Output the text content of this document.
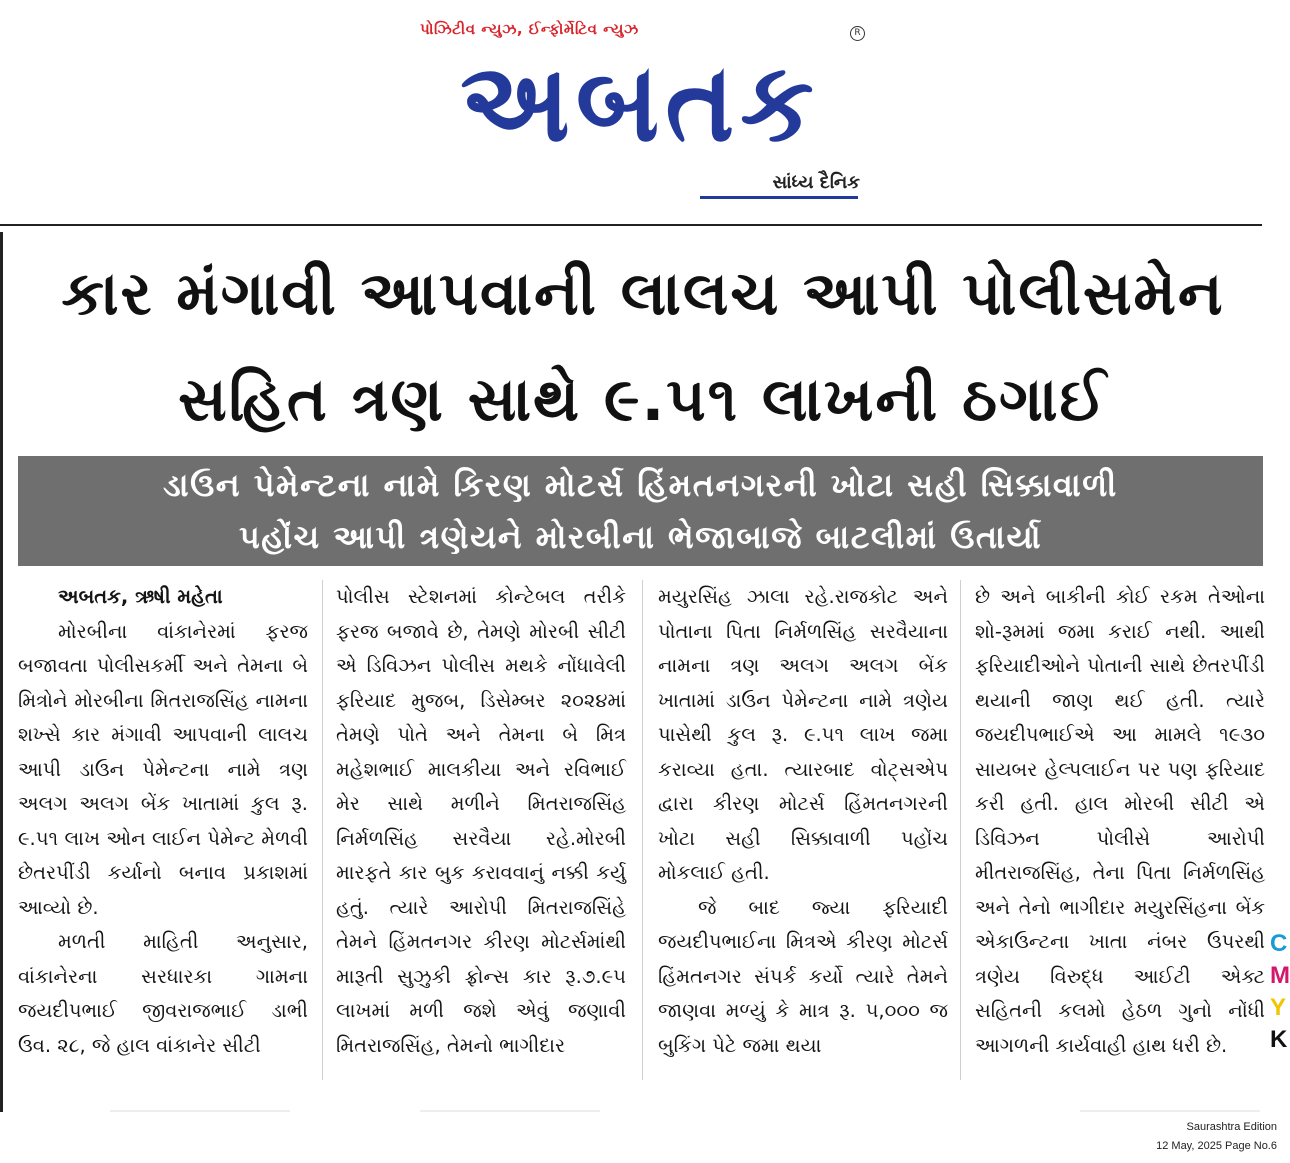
પોઝિટીવ ન્યુઝ, ઈન્ફોર્મેટિવ ન્યુઝ	R
અબતક
સાંધ્ય દૈનિક
કાર મંગાવી આપવાની લાલચ આપી પોલીસમેન
સહિત ત્રણ સાથે ૯.૫૧ લાખની ઠગાઈ
ડાઉન પેમેન્ટના નામે કિરણ મોટર્સ હિંમતનગરની ખોટા સહી સિક્કાવાળી
પહોંચ આપી ત્રણેયને મોરબીના ભેજાબાજે બાટલીમાં ઉતાર્યા

અબતક, ઋષી મહેતા

મોરબીના વાંકાનેરમાં ફરજ બજાવતા પોલીસકર્મી અને તેમના બે મિત્રોને મોરબીના મિતરાજસિંહ નામના શખ્સે કાર મંગાવી આપવાની લાલચ આપી ડાઉન પેમેન્ટના નામે ત્રણ અલગ અલગ બેંક ખાતામાં કુલ રૂ. ૯.૫૧ લાખ ઓન લાઈન પેમેન્ટ મેળવી છેતરપીંડી કર્યાનો બનાવ પ્રકાશમાં આવ્યો છે.

મળતી માહિતી અનુસાર, વાંકાનેરના સરધારકા ગામના જયદીપભાઈ જીવરાજભાઈ ડાભી ઉવ. ૨૮, જે હાલ વાંકાનેર સીટી

પોલીસ સ્ટેશનમાં કોન્ટેબલ તરીકે ફરજ બજાવે છે, તેમણે મોરબી સીટી એ ડિવિઝન પોલીસ મથકે નોંધાવેલી ફરિયાદ મુજબ, ડિસેમ્બર ૨૦૨૪માં તેમણે પોતે અને તેમના બે મિત્ર મહેશભાઈ માલકીયા અને રવિભાઈ મેર સાથે મળીને મિતરાજસિંહ નિર્મળસિંહ સરવૈયા રહે.મોરબી મારફતે કાર બુક કરાવવાનું નક્કી કર્યુ હતું. ત્યારે આરોપી મિતરાજસિંહે તેમને હિંમતનગર કીરણ મોટર્સમાંથી મારૂતી સુઝુકી ફ્રોન્સ કાર રૂ.૭.૯૫ લાખમાં મળી જશે એવું જણાવી મિતરાજસિંહ, તેમનો ભાગીદાર

મયુરસિંહ ઝાલા રહે.રાજકોટ અને પોતાના પિતા નિર્મળસિંહ સરવૈયાના નામના ત્રણ અલગ અલગ બેંક ખાતામાં ડાઉન પેમેન્ટના નામે ત્રણેય પાસેથી કુલ રૂ. ૯.૫૧ લાખ જમા કરાવ્યા હતા. ત્યારબાદ વોટ્સએપ દ્વારા કીરણ મોટર્સ હિંમતનગરની ખોટા સહી સિક્કાવાળી પહોંચ મોકલાઈ હતી.

જે બાદ જ્યા ફરિયાદી જયદીપભાઈના મિત્રએ કીરણ મોટર્સ હિંમતનગર સંપર્ક કર્યો ત્યારે તેમને જાણવા મળ્યું કે માત્ર રૂ. ૫,૦૦૦ જ બુકિંગ પેટે જમા થયા

છે અને બાકીની કોઈ રકમ તેઓના શો-રૂમમાં જમા કરાઈ નથી. આથી ફરિયાદીઓને પોતાની સાથે છેતરપીંડી થયાની જાણ થઈ હતી. ત્યારે જયદીપભાઈએ આ મામલે ૧૯૩૦ સાયબર હેલ્પલાઈન પર પણ ફરિયાદ કરી હતી. હાલ મોરબી સીટી એ ડિવિઝન પોલીસે આરોપી મીતરાજસિંહ, તેના પિતા નિર્મળસિંહ અને તેનો ભાગીદાર મયુરસિંહના બેંક એકાઉન્ટના ખાતા નંબર ઉપરથી ત્રણેય વિરુદ્ધ આઈટી એક્ટ સહિતની કલમો હેઠળ ગુનો નોંધી આગળની કાર્યવાહી હાથ ધરી છે.

C
M
Y
K
Saurashtra Edition
12 May, 2025 Page No.6
